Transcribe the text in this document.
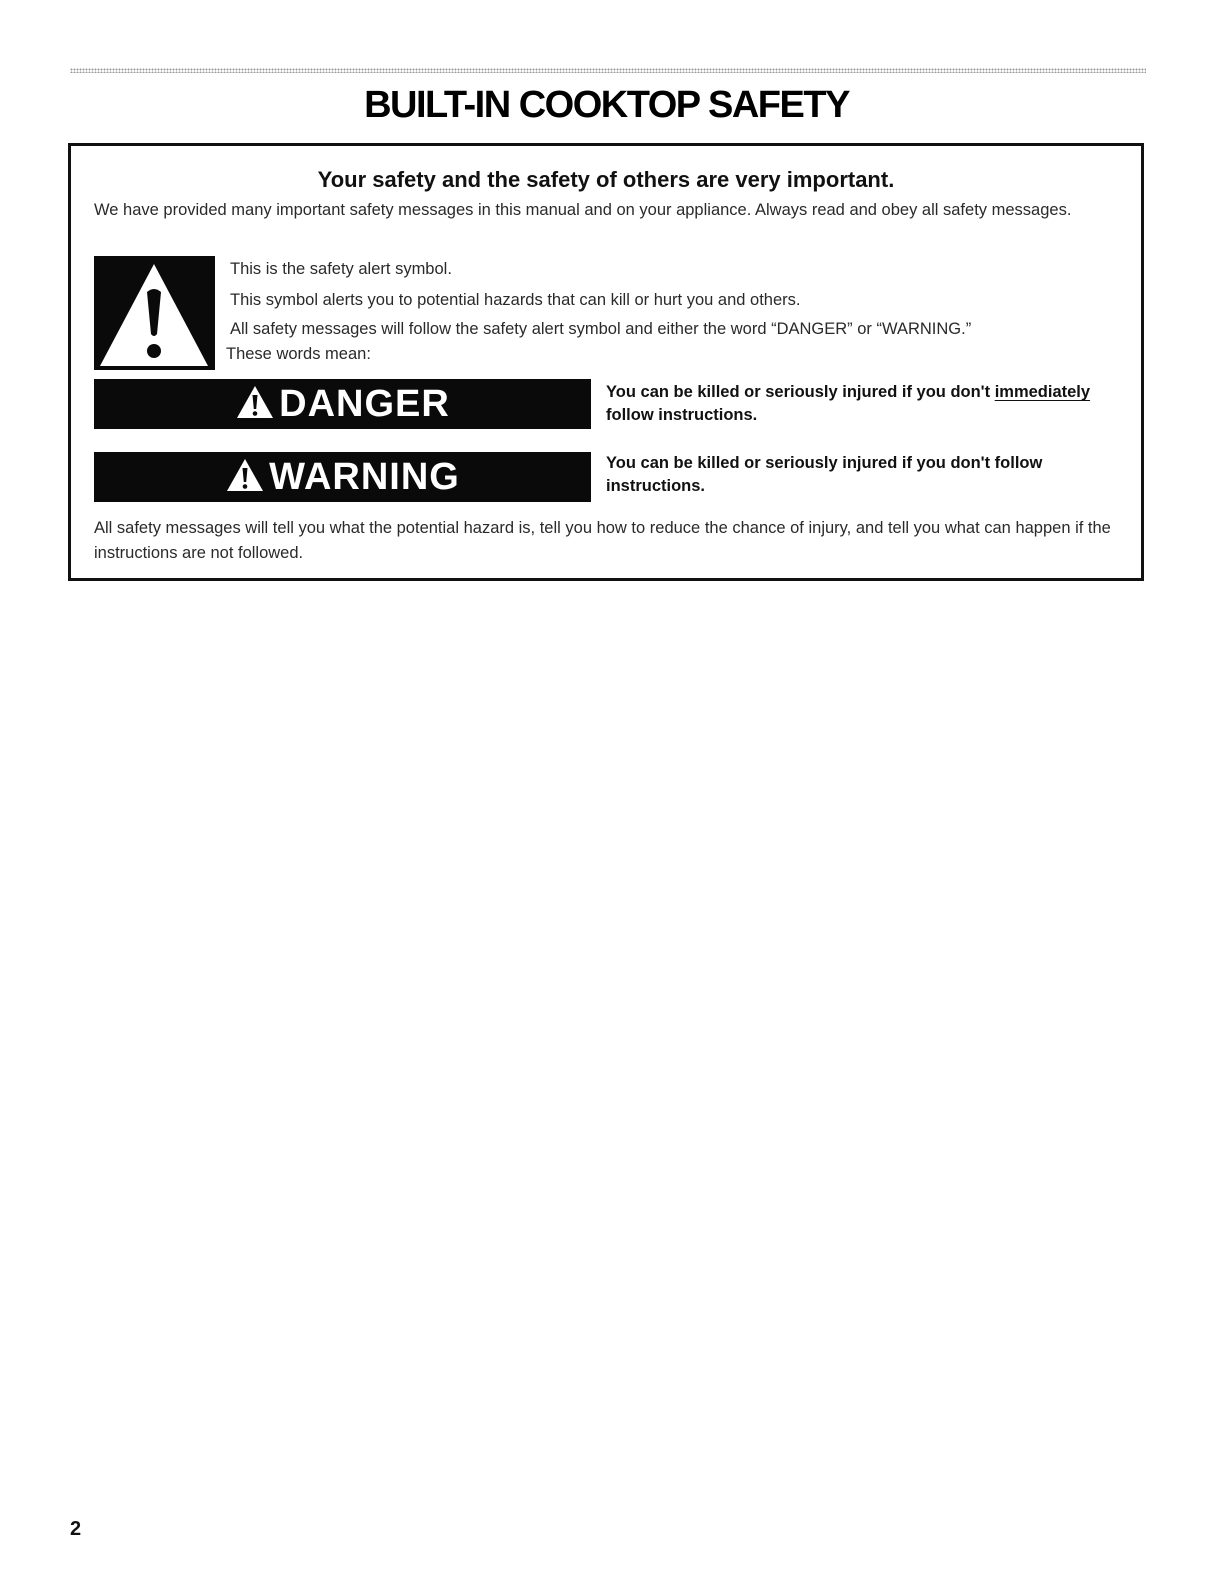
BUILT-IN COOKTOP SAFETY
Your safety and the safety of others are very important.

We have provided many important safety messages in this manual and on your appliance. Always read and obey all safety messages.

This is the safety alert symbol.

This symbol alerts you to potential hazards that can kill or hurt you and others.

All safety messages will follow the safety alert symbol and either the word “DANGER” or “WARNING.”

These words mean:

DANGER	You can be killed or seriously injured if you don't immediately follow instructions.

WARNING	You can be killed or seriously injured if you don't follow instructions.

All safety messages will tell you what the potential hazard is, tell you how to reduce the chance of injury, and tell you what can happen if the instructions are not followed.

2
